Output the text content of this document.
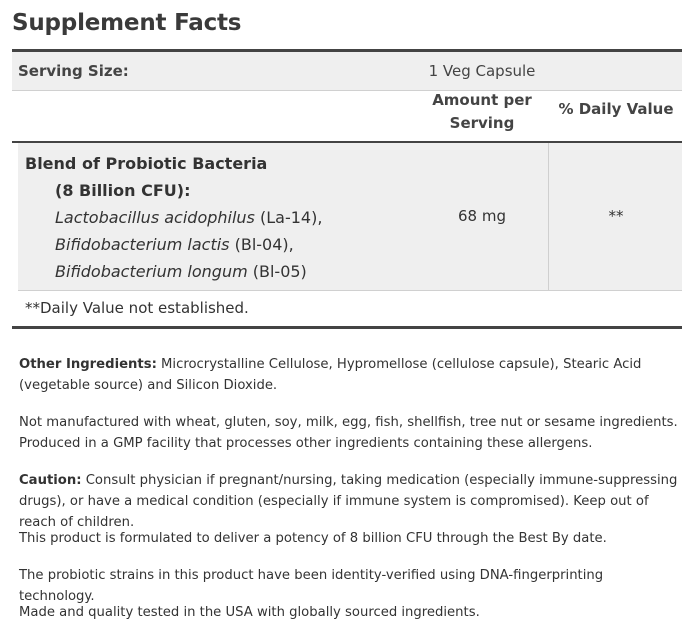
Supplement Facts
Serving Size:	1 Veg Capsule
Amount per
Serving
% Daily Value
Blend of Probiotic Bacteria
(8 Billion CFU):
Lactobacillus acidophilus (La-14),
Bifidobacterium lactis (Bl-04),
Bifidobacterium longum (Bl-05)
68 mg	**
**Daily Value not established.
Other Ingredients: Microcrystalline Cellulose, Hypromellose (cellulose capsule), Stearic Acid (vegetable source) and Silicon Dioxide.
Not manufactured with wheat, gluten, soy, milk, egg, fish, shellfish, tree nut or sesame ingredients. Produced in a GMP facility that processes other ingredients containing these allergens.
Caution: Consult physician if pregnant/nursing, taking medication (especially immune-suppressing drugs), or have a medical condition (especially if immune system is compromised). Keep out of reach of children.
This product is formulated to deliver a potency of 8 billion CFU through the Best By date.
The probiotic strains in this product have been identity-verified using DNA-fingerprinting technology.
Made and quality tested in the USA with globally sourced ingredients.
